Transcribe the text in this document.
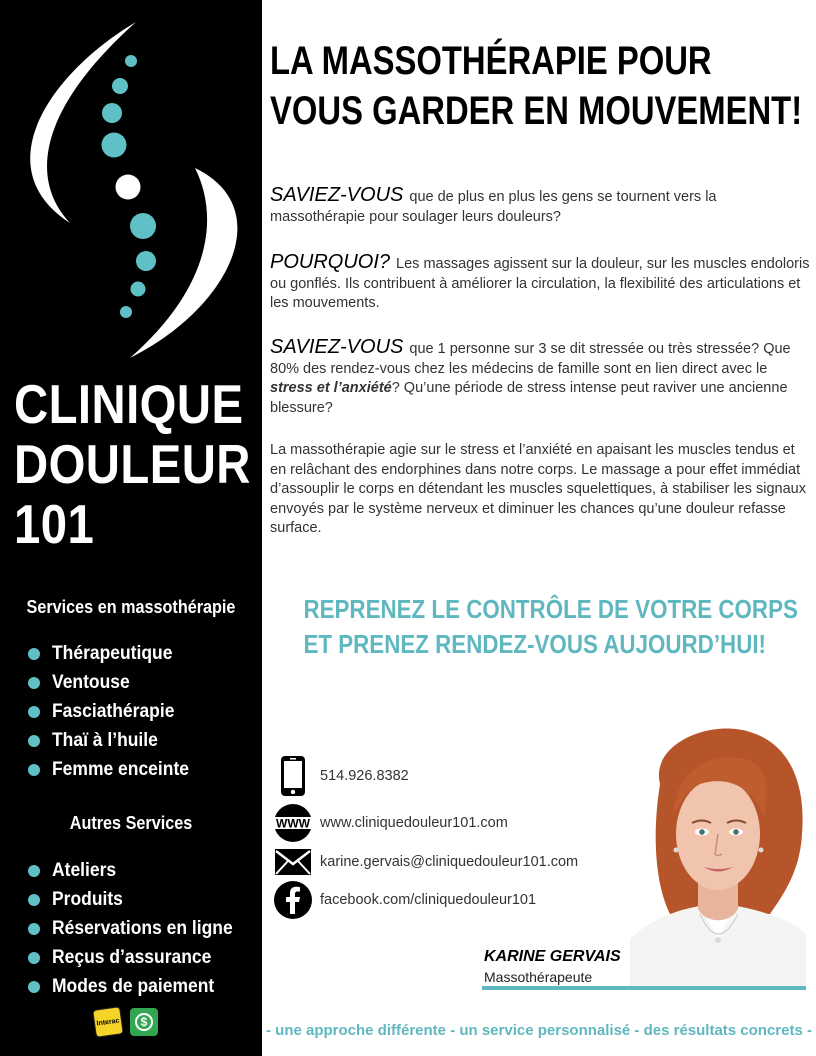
CLINIQUE
DOULEUR
101
Services en massothérapie
Thérapeutique
Ventouse
Fasciathérapie
Thaï à l’huile
Femme enceinte
Autres Services
Ateliers
Produits
Réservations en ligne
Reçus d’assurance
Modes de paiement
Interac	$
LA MASSOTHÉRAPIE POUR
VOUS GARDER EN MOUVEMENT!
SAVIEZ-VOUS que de plus en plus les gens se tournent vers la massothérapie pour soulager leurs douleurs?
POURQUOI? Les massages agissent sur la douleur, sur les muscles endoloris ou gonflés. Ils contribuent à améliorer la circulation, la flexibilité des articulations et les mouvements.
SAVIEZ-VOUS que 1 personne sur 3 se dit stressée ou très stressée? Que 80% des rendez-vous chez les médecins de famille sont en lien direct avec le stress et l’anxiété? Qu’une période de stress intense peut raviver une ancienne blessure?
La massothérapie agie sur le stress et l’anxiété en apaisant les muscles tendus et en relâchant des endorphines dans notre corps. Le massage a pour effet immédiat d’assouplir le corps en détendant les muscles squelettiques, à stabiliser les signaux envoyés par le système nerveux et diminuer les chances qu’une douleur refasse surface.
REPRENEZ LE CONTRÔLE DE VOTRE CORPS
ET PRENEZ RENDEZ-VOUS AUJOURD’HUI!
514.926.8382
WWW www.cliniquedouleur101.com
karine.gervais@cliniquedouleur101.com
facebook.com/cliniquedouleur101
KARINE GERVAIS
Massothérapeute
- une approche différente - un service personnalisé - des résultats concrets -
